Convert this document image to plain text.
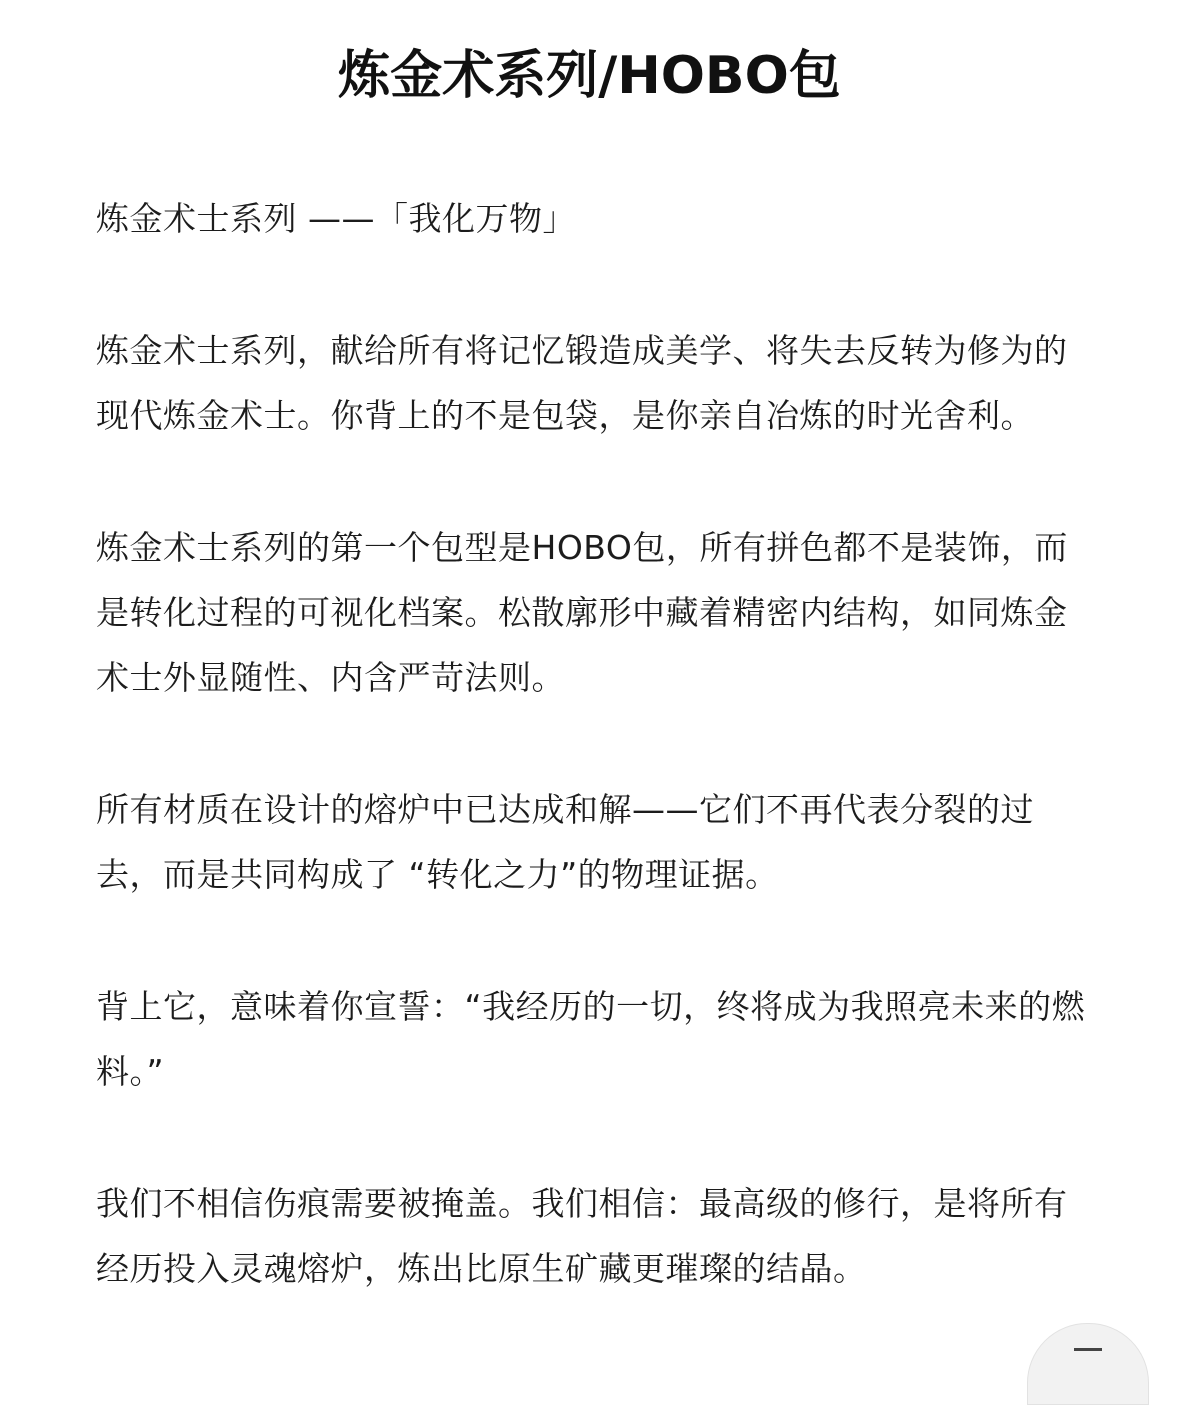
炼金术系列/HOBO包

炼金术士系列 ——「我化万物」

炼金术士系列，献给所有将记忆锻造成美学、将失去反转为修为的现代炼金术士。你背上的不是包袋，是你亲自冶炼的时光舍利。

炼金术士系列的第一个包型是HOBO包，所有拼色都不是装饰，而是转化过程的可视化档案。松散廓形中藏着精密内结构，如同炼金术士外显随性、内含严苛法则。

所有材质在设计的熔炉中已达成和解——它们不再代表分裂的过去，而是共同构成了 “转化之力”的物理证据。

背上它，意味着你宣誓：“我经历的一切，终将成为我照亮未来的燃料。”

我们不相信伤痕需要被掩盖。我们相信：最高级的修行，是将所有经历投入灵魂熔炉，炼出比原生矿藏更璀璨的结晶。
